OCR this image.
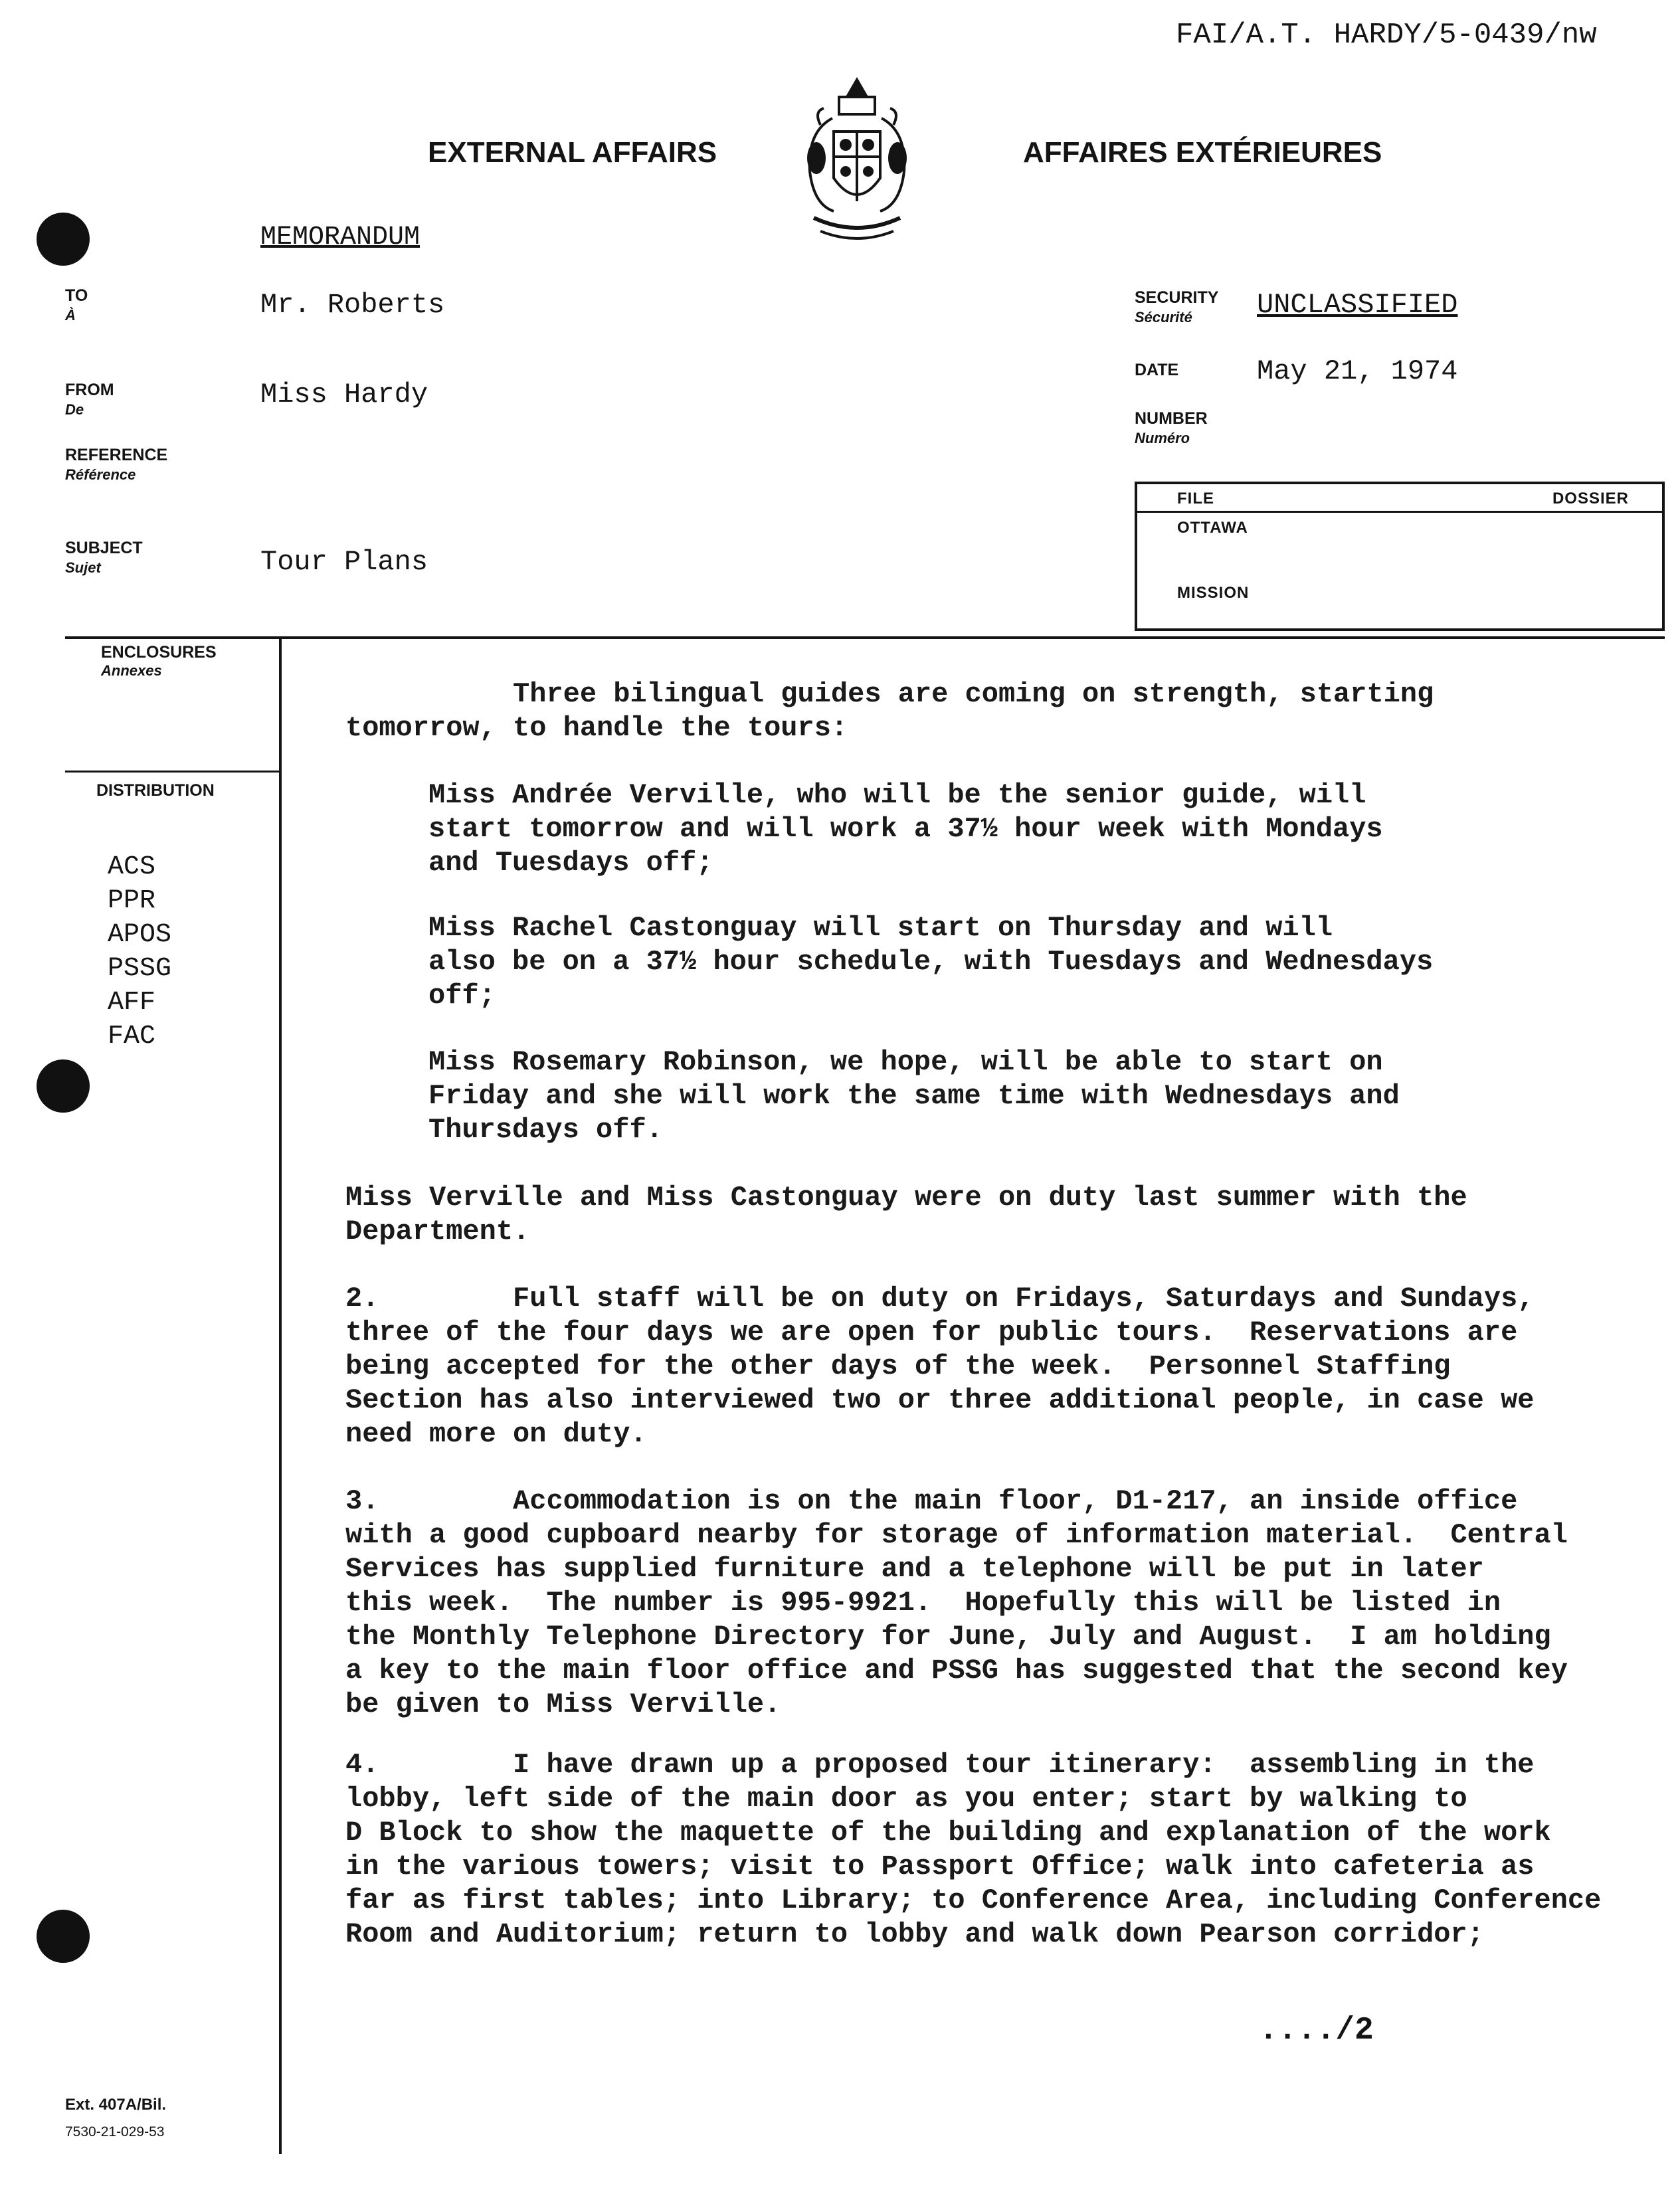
FAI/A.T. HARDY/5-0439/nw
EXTERNAL AFFAIRS	AFFAIRES EXTÉRIEURES
MEMORANDUM
TO
À	Mr. Roberts
FROM
De	Miss Hardy
REFERENCE
Référence
SUBJECT
Sujet	Tour Plans
SECURITY
Sécurité	UNCLASSIFIED
DATE	May 21, 1974
NUMBER
Numéro
FILE	DOSSIER
OTTAWA
MISSION
ENCLOSURES
Annexes
DISTRIBUTION
ACS
PPR
APOS
PSSG
AFF
FAC
Three bilingual guides are coming on strength, starting
tomorrow, to handle the tours:
Miss Andrée Verville, who will be the senior guide, will
start tomorrow and will work a 37½ hour week with Mondays
and Tuesdays off;
Miss Rachel Castonguay will start on Thursday and will
also be on a 37½ hour schedule, with Tuesdays and Wednesdays
off;
Miss Rosemary Robinson, we hope, will be able to start on
Friday and she will work the same time with Wednesdays and
Thursdays off.
Miss Verville and Miss Castonguay were on duty last summer with the
Department.
2.        Full staff will be on duty on Fridays, Saturdays and Sundays,
three of the four days we are open for public tours.  Reservations are
being accepted for the other days of the week.  Personnel Staffing
Section has also interviewed two or three additional people, in case we
need more on duty.
3.        Accommodation is on the main floor, D1-217, an inside office
with a good cupboard nearby for storage of information material.  Central
Services has supplied furniture and a telephone will be put in later
this week.  The number is 995-9921.  Hopefully this will be listed in
the Monthly Telephone Directory for June, July and August.  I am holding
a key to the main floor office and PSSG has suggested that the second key
be given to Miss Verville.
4.        I have drawn up a proposed tour itinerary:  assembling in the
lobby, left side of the main door as you enter; start by walking to
D Block to show the maquette of the building and explanation of the work
in the various towers; visit to Passport Office; walk into cafeteria as
far as first tables; into Library; to Conference Area, including Conference
Room and Auditorium; return to lobby and walk down Pearson corridor;
..../2
Ext. 407A/Bil.
7530-21-029-53
